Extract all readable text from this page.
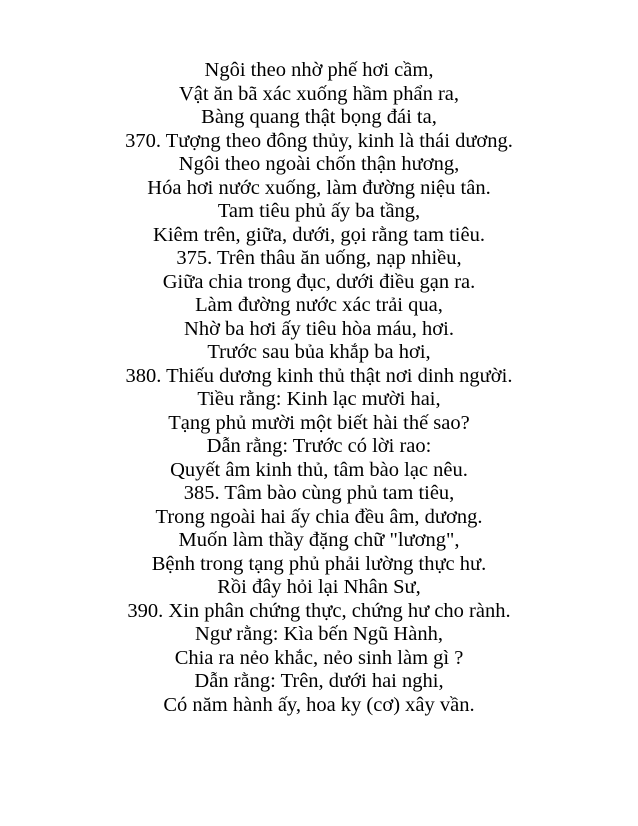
Ngôi theo nhờ phế hơi cầm,
Vật ăn bã xác xuống hầm phẩn ra,
Bàng quang thật bọng đái ta,
370. Tượng theo đông thủy, kinh là thái dương.
Ngôi theo ngoài chốn thận hương,
Hóa hơi nước xuống, làm đường niệu tân.
Tam tiêu phủ ấy ba tầng,
Kiêm trên, giữa, dưới, gọi rằng tam tiêu.
375. Trên thâu ăn uống, nạp nhiều,
Giữa chia trong đục, dưới điều gạn ra.
Làm đường nước xác trải qua,
Nhờ ba hơi ấy tiêu hòa máu, hơi.
Trước sau bủa khắp ba hơi,
380. Thiếu dương kinh thủ thật nơi dinh người.
Tiều rằng: Kinh lạc mười hai,
Tạng phủ mười một biết hài thế sao?
Dẫn rằng: Trước có lời rao:
Quyết âm kinh thủ, tâm bào lạc nêu.
385. Tâm bào cùng phủ tam tiêu,
Trong ngoài hai ấy chia đều âm, dương.
Muốn làm thầy đặng chữ "lương",
Bệnh trong tạng phủ phải lường thực hư.
Rồi đây hỏi lại Nhân Sư,
390. Xin phân chứng thực, chứng hư cho rành.
Ngư rằng: Kìa bến Ngũ Hành,
Chia ra nẻo khắc, nẻo sinh làm gì ?
Dẫn rằng: Trên, dưới hai nghi,
Có năm hành ấy, hoa ky (cơ) xây vần.
